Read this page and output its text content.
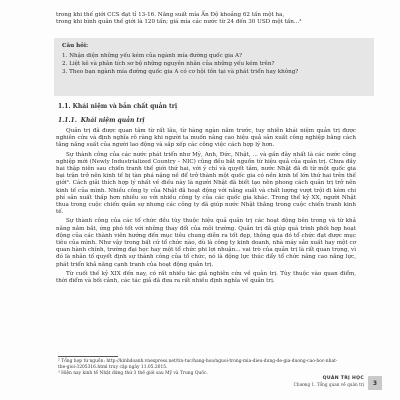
trong khi thế giới CCS đạt tỉ 13-16. Năng suất mía Ấn Độ khoảng 62 tấn một ha,
trong khi bình quân thế giới là 120 tấn; giá mía các nước từ 24 đến 30 USD một tấn...²
Câu hỏi:
1. Nhận diện những yếu kém của ngành mía đường quốc gia A?
2. Liệt kê và phân tích sơ bộ những nguyên nhân của những yếu kém trên?
3. Theo bạn ngành mía đường quốc gia A có cơ hội tồn tại và phát triển hay không?
1.1. Khái niệm và bản chất quản trị
1.1.1. Khái niệm quản trị

Quản trị đã được quan tâm từ rất lâu, từ hàng ngàn năm trước, tuy nhiên khái niệm quản trị được nghiên cứu và định nghĩa rõ ràng khi người ta muốn nâng cao hiệu quả sản xuất công nghiệp bằng cách tăng năng suất của người lao động và sắp xếp các công việc cách hợp lý hơn.

Sự thành công của các nước phát triển như Mỹ, Anh, Đức, Nhật, ... và gần đây nhất là các nước công nghiệp mới (Newly Industrialized Country – NIC) cũng đều bắt nguồn từ hiệu quả của quản trị. Chưa đầy hai thập niên sau chiến tranh thế giới thứ hai, với ý chí và quyết tâm, nước Nhật đã đi từ một quốc gia bại trận trở nên kinh tế bị tàn phá nặng nề để trở thành một quốc gia có nền kinh tế lớn thứ hai trên thế giới³. Cách giải thích hợp lý nhất về điều này là người Nhật đã biết tạo nên phong cách quản trị trở nên kinh tế của mình. Nhiều công ty của Nhật đã hoạt động với năng suất và chất lượng vượt trội đi kèm chi phí sản xuất thấp hơn nhiều so với nhiều công ty của các quốc gia khác. Trong thế kỷ XX, người Nhật thua trong cuộc chiến quân sự nhưng các công ty đã giúp nước Nhật thắng trong cuộc chiến tranh kinh tế.

Sự thành công của các tổ chức đều tùy thuộc hiệu quả quản trị các hoạt động bên trong và từ khả năng nắm bắt, ứng phó tốt với những thay đổi của môi trường. Quản trị đã giúp quá trình phối hợp hoạt động của các thành viên hướng đến mục tiêu chung diễn ra tốt đẹp, thông qua đó tổ chức đạt được mục tiêu của mình. Như vậy trong bất cứ tổ chức nào, dù là công ty kinh doanh, nhà máy sản xuất hay một cơ quan hành chính, trường đại học hay một tổ chức phi lợi nhuận... vai trò của quản trị là rất quan trọng, vì đó là nhân tố quyết định sự thành công của tổ chức, nó là động lực thúc đẩy tổ chức nâng cao năng lực, phát triển khả năng cạnh tranh của hoạt động quản trị.

Từ cuối thế kỷ XIX đến nay, có rất nhiều tác giả nghiên cứu về quản trị. Tùy thuộc vào quan điểm, thời điểm và bối cảnh, các tác giả đã đưa ra rất nhiều định nghĩa về quản trị.

² Tổng hợp từ nguồn: http://kinhdoanh.vnexpress.net/tin-tuc/hang-hoa/nguoi-trong-mia-dieu-dung-de-gia-duong-cao-hoc-nhat-the-gioi-3205316.html truy cập ngày 11.05.2015.
³ Hiện nay kinh tế Nhật đứng thứ 3 thế giới sau Mỹ và Trung Quốc.
QUẢN TRỊ HỌC
Chương 1. Tổng quan về quản trị	3
